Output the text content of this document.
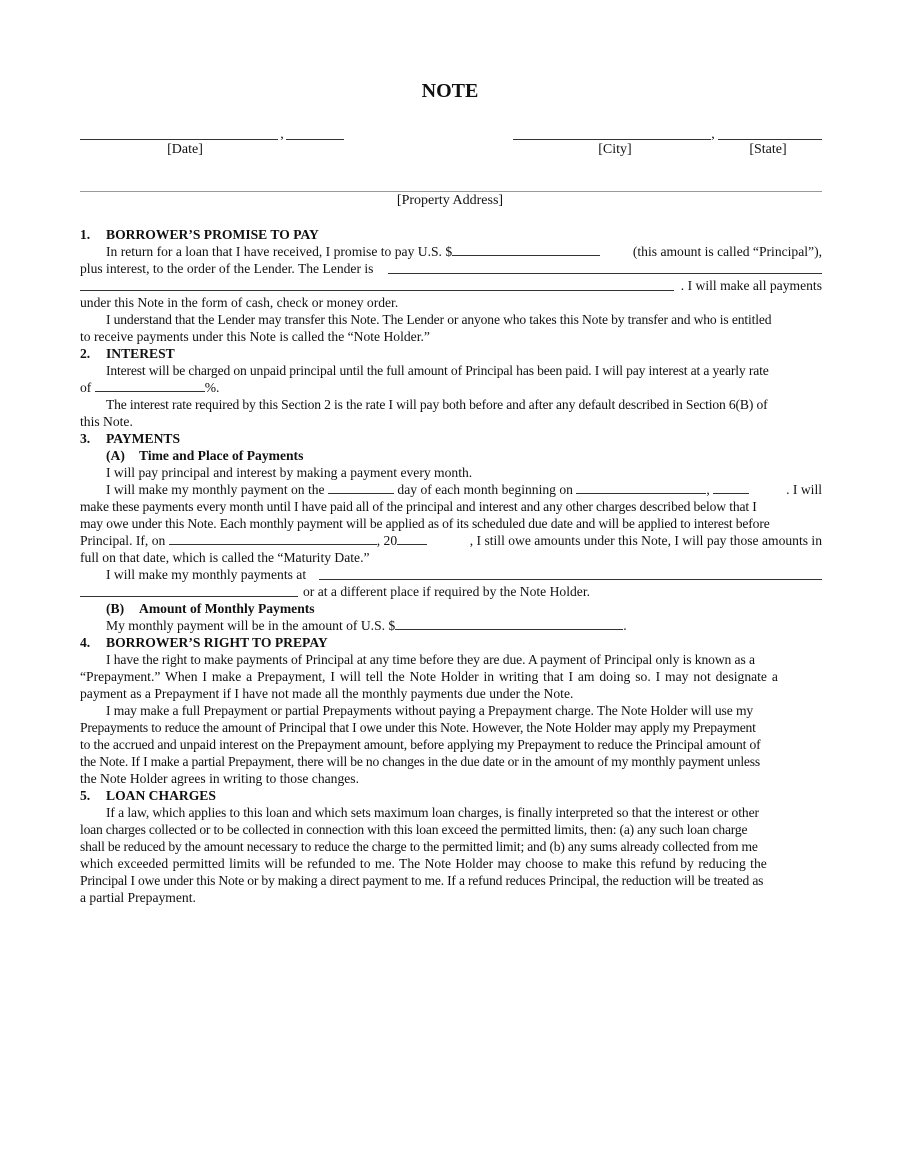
NOTE
,
[Date]
,
[City]	[State]
[Property Address]
1. BORROWER’S PROMISE TO PAY
In return for a loan that I have received, I promise to pay U.S. $	(this amount is called “Principal”),
plus interest, to the order of the Lender. The Lender is
. I will make all payments
under this Note in the form of cash, check or money order.
I understand that the Lender may transfer this Note. The Lender or anyone who takes this Note by transfer and who is entitled
to receive payments under this Note is called the “Note Holder.”
2. INTEREST
Interest will be charged on unpaid principal until the full amount of Principal has been paid. I will pay interest at a yearly rate
of	%.
The interest rate required by this Section 2 is the rate I will pay both before and after any default described in Section 6(B) of
this Note.
3. PAYMENTS
(A) Time and Place of Payments
I will pay principal and interest by making a payment every month.
I will make my monthly payment on the	day of each month beginning on	,	. I will
make these payments every month until I have paid all of the principal and interest and any other charges described below that I
may owe under this Note. Each monthly payment will be applied as of its scheduled due date and will be applied to interest before
Principal. If, on	, 20	, I still owe amounts under this Note, I will pay those amounts in
full on that date, which is called the “Maturity Date.”
I will make my monthly payments at
or at a different place if required by the Note Holder.
(B) Amount of Monthly Payments
My monthly payment will be in the amount of U.S. $	.
4. BORROWER’S RIGHT TO PREPAY
I have the right to make payments of Principal at any time before they are due. A payment of Principal only is known as a
“Prepayment.” When I make a Prepayment, I will tell the Note Holder in writing that I am doing so. I may not designate a
payment as a Prepayment if I have not made all the monthly payments due under the Note.
I may make a full Prepayment or partial Prepayments without paying a Prepayment charge. The Note Holder will use my
Prepayments to reduce the amount of Principal that I owe under this Note. However, the Note Holder may apply my Prepayment
to the accrued and unpaid interest on the Prepayment amount, before applying my Prepayment to reduce the Principal amount of
the Note. If I make a partial Prepayment, there will be no changes in the due date or in the amount of my monthly payment unless
the Note Holder agrees in writing to those changes.
5. LOAN CHARGES
If a law, which applies to this loan and which sets maximum loan charges, is finally interpreted so that the interest or other
loan charges collected or to be collected in connection with this loan exceed the permitted limits, then: (a) any such loan charge
shall be reduced by the amount necessary to reduce the charge to the permitted limit; and (b) any sums already collected from me
which exceeded permitted limits will be refunded to me. The Note Holder may choose to make this refund by reducing the
Principal I owe under this Note or by making a direct payment to me. If a refund reduces Principal, the reduction will be treated as
a partial Prepayment.
